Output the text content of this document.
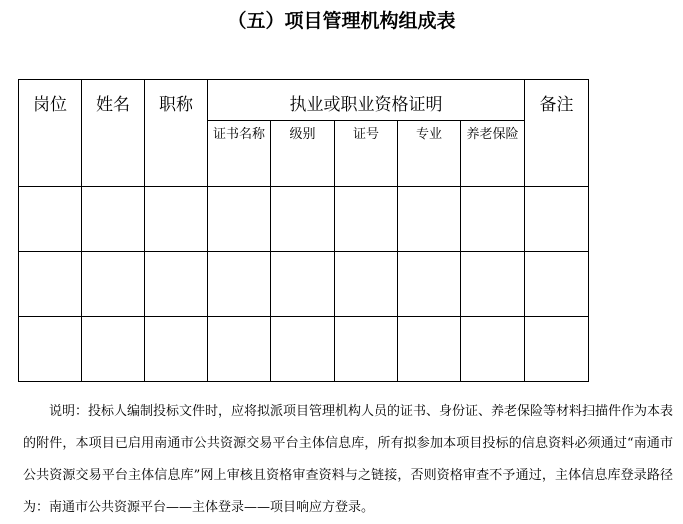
（五）项目管理机构组成表
岗位	姓名	职称	执业或职业资格证明					备注
			证书名称	级别	证号	专业	养老保险	

说明：投标人编制投标文件时，应将拟派项目管理机构人员的证书、身份证、养老保险等材料扫描件作为本表的附件，本项目已启用南通市公共资源交易平台主体信息库，所有拟参加本项目投标的信息资料必须通过“南通市公共资源交易平台主体信息库”网上审核且资格审查资料与之链接，否则资格审查不予通过，主体信息库登录路径为：南通市公共资源平台——主体登录——项目响应方登录。
